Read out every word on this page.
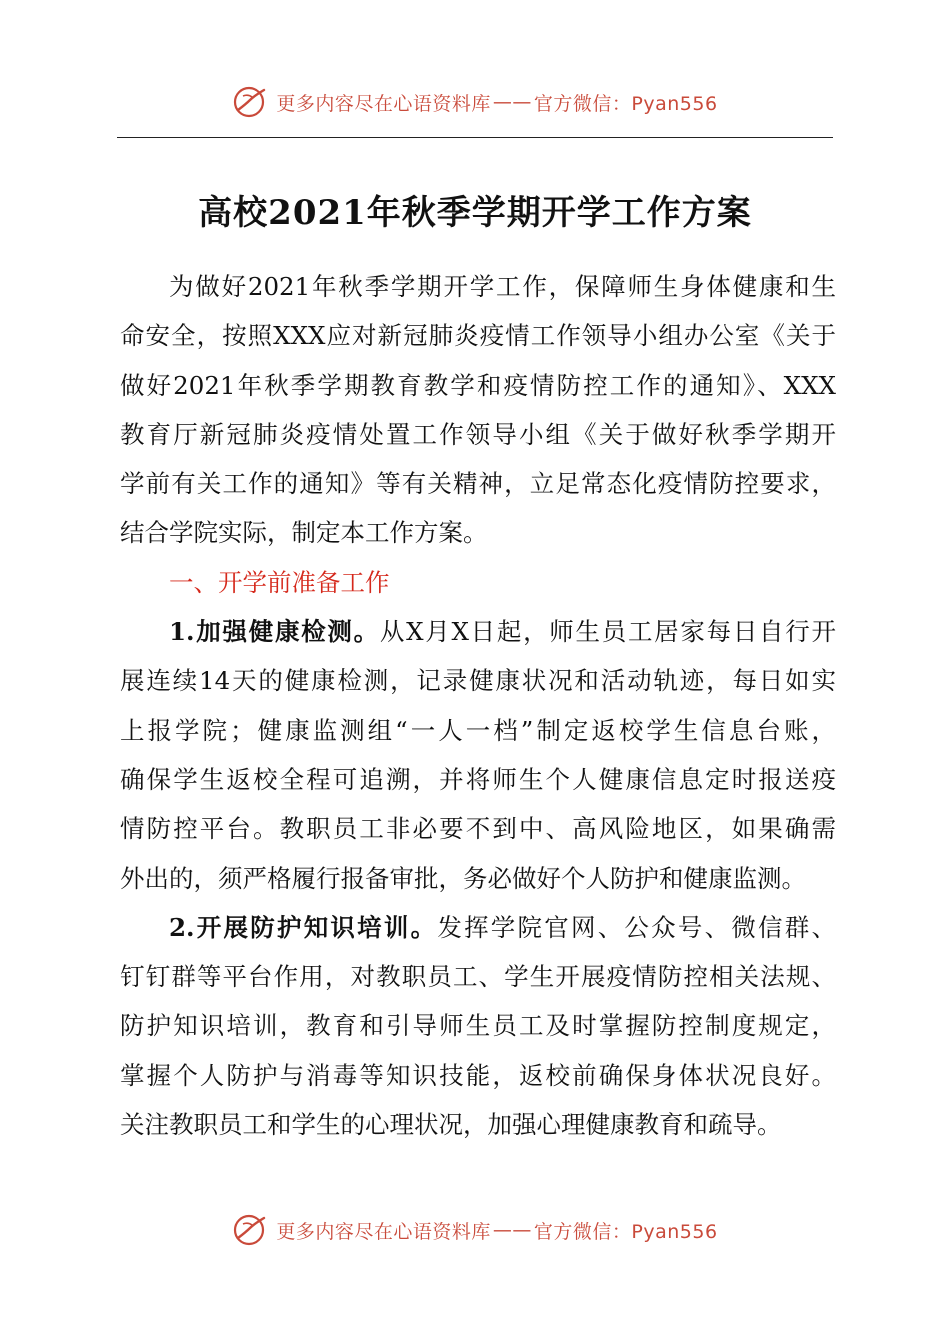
更多内容尽在心语资料库 —— 官方微信：Pyan556
高校2021年秋季学期开学工作方案
为做好2021年秋季学期开学工作，保障师生身体健康和生
命安全，按照XXX应对新冠肺炎疫情工作领导小组办公室《关于
做好2021年秋季学期教育教学和疫情防控工作的通知》、XXX
教育厅新冠肺炎疫情处置工作领导小组《关于做好秋季学期开
学前有关工作的通知》等有关精神，立足常态化疫情防控要求，
结合学院实际，制定本工作方案。
一、开学前准备工作
1.加强健康检测。从X月X日起，师生员工居家每日自行开
展连续14天的健康检测，记录健康状况和活动轨迹，每日如实
上报学院；健康监测组“一人一档”制定返校学生信息台账，
确保学生返校全程可追溯，并将师生个人健康信息定时报送疫
情防控平台。教职员工非必要不到中、高风险地区，如果确需
外出的，须严格履行报备审批，务必做好个人防护和健康监测。
2.开展防护知识培训。发挥学院官网、公众号、微信群、
钉钉群等平台作用，对教职员工、学生开展疫情防控相关法规、
防护知识培训，教育和引导师生员工及时掌握防控制度规定，
掌握个人防护与消毒等知识技能，返校前确保身体状况良好。
关注教职员工和学生的心理状况，加强心理健康教育和疏导。
更多内容尽在心语资料库 —— 官方微信：Pyan556
